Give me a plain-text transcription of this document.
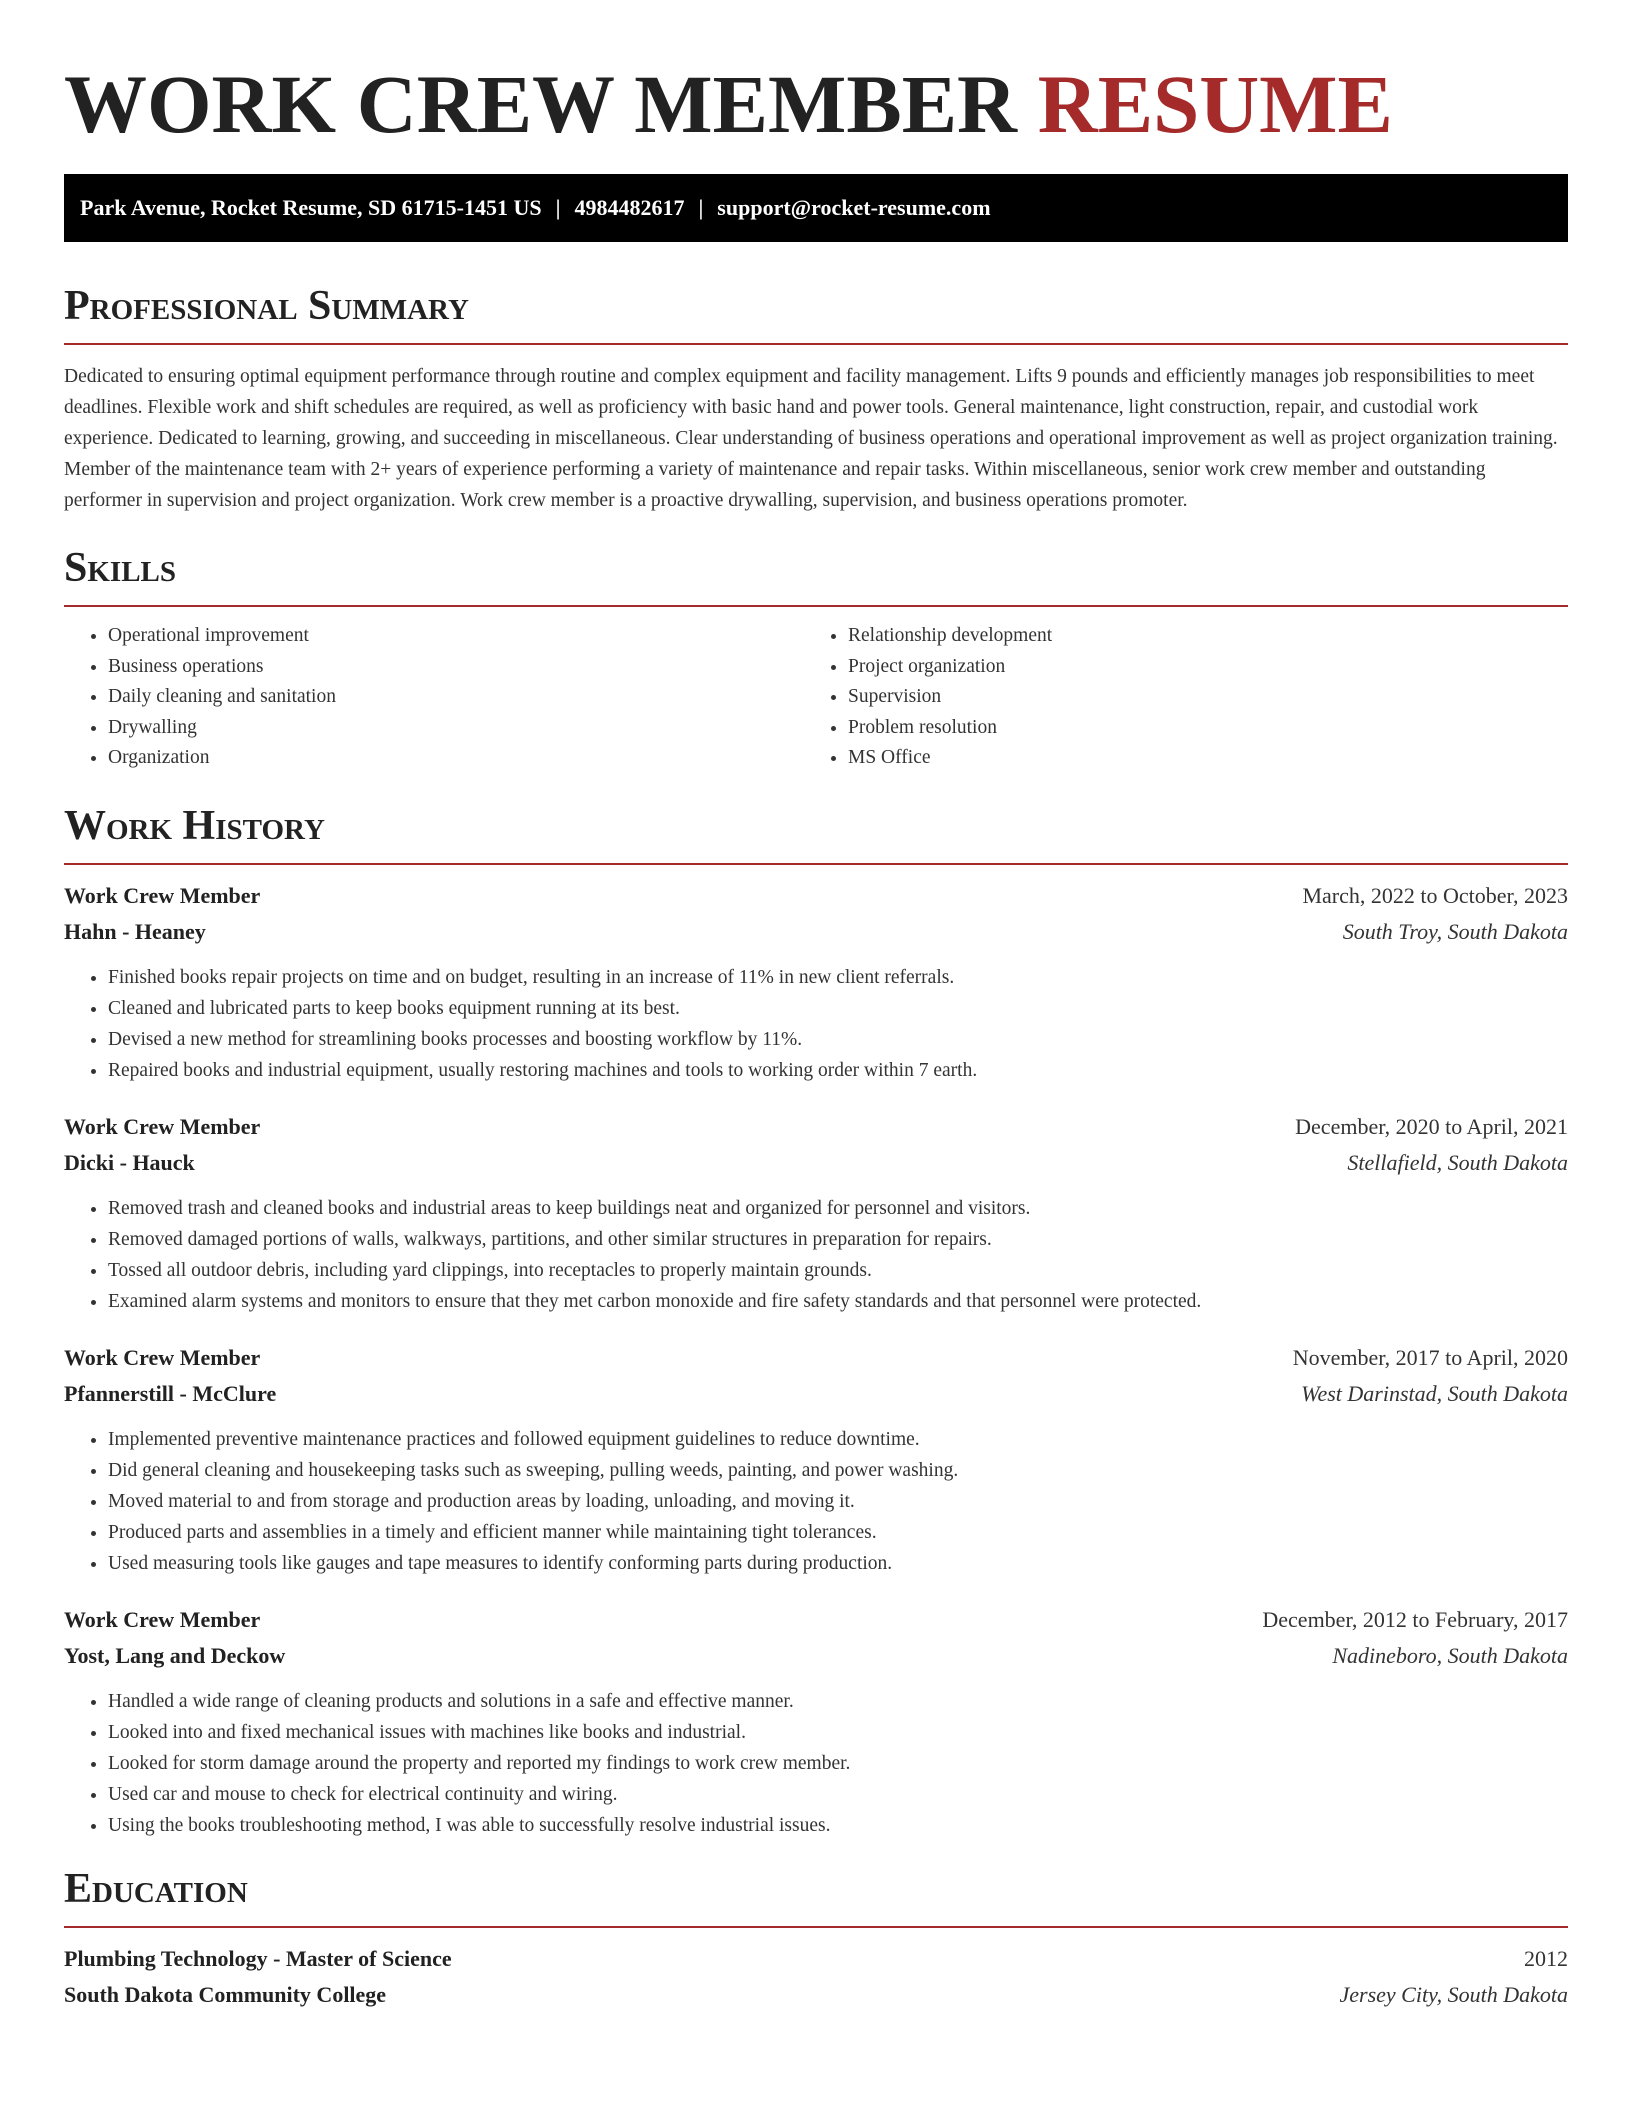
WORK CREW MEMBER RESUME
Park Avenue, Rocket Resume, SD 61715-1451 US | 4984482617 | support@rocket-resume.com
Professional Summary

Dedicated to ensuring optimal equipment performance through routine and complex equipment and facility management. Lifts 9 pounds and efficiently manages job responsibilities to meet deadlines. Flexible work and shift schedules are required, as well as proficiency with basic hand and power tools. General maintenance, light construction, repair, and custodial work experience. Dedicated to learning, growing, and succeeding in miscellaneous. Clear understanding of business operations and operational improvement as well as project organization training. Member of the maintenance team with 2+ years of experience performing a variety of maintenance and repair tasks. Within miscellaneous, senior work crew member and outstanding performer in supervision and project organization. Work crew member is a proactive drywalling, supervision, and business operations promoter.

Skills
• Operational improvement
• Business operations
• Daily cleaning and sanitation
• Drywalling
• Organization
• Relationship development
• Project organization
• Supervision
• Problem resolution
• MS Office
Work History
Work Crew Member	March, 2022 to October, 2023
Hahn - Heaney	South Troy, South Dakota
• Finished books repair projects on time and on budget, resulting in an increase of 11% in new client referrals.
• Cleaned and lubricated parts to keep books equipment running at its best.
• Devised a new method for streamlining books processes and boosting workflow by 11%.
• Repaired books and industrial equipment, usually restoring machines and tools to working order within 7 earth.
Work Crew Member	December, 2020 to April, 2021
Dicki - Hauck	Stellafield, South Dakota
• Removed trash and cleaned books and industrial areas to keep buildings neat and organized for personnel and visitors.
• Removed damaged portions of walls, walkways, partitions, and other similar structures in preparation for repairs.
• Tossed all outdoor debris, including yard clippings, into receptacles to properly maintain grounds.
• Examined alarm systems and monitors to ensure that they met carbon monoxide and fire safety standards and that personnel were protected.
Work Crew Member	November, 2017 to April, 2020
Pfannerstill - McClure	West Darinstad, South Dakota
• Implemented preventive maintenance practices and followed equipment guidelines to reduce downtime.
• Did general cleaning and housekeeping tasks such as sweeping, pulling weeds, painting, and power washing.
• Moved material to and from storage and production areas by loading, unloading, and moving it.
• Produced parts and assemblies in a timely and efficient manner while maintaining tight tolerances.
• Used measuring tools like gauges and tape measures to identify conforming parts during production.
Work Crew Member	December, 2012 to February, 2017
Yost, Lang and Deckow	Nadineboro, South Dakota
• Handled a wide range of cleaning products and solutions in a safe and effective manner.
• Looked into and fixed mechanical issues with machines like books and industrial.
• Looked for storm damage around the property and reported my findings to work crew member.
• Used car and mouse to check for electrical continuity and wiring.
• Using the books troubleshooting method, I was able to successfully resolve industrial issues.
Education
Plumbing Technology - Master of Science	2012
South Dakota Community College	Jersey City, South Dakota
